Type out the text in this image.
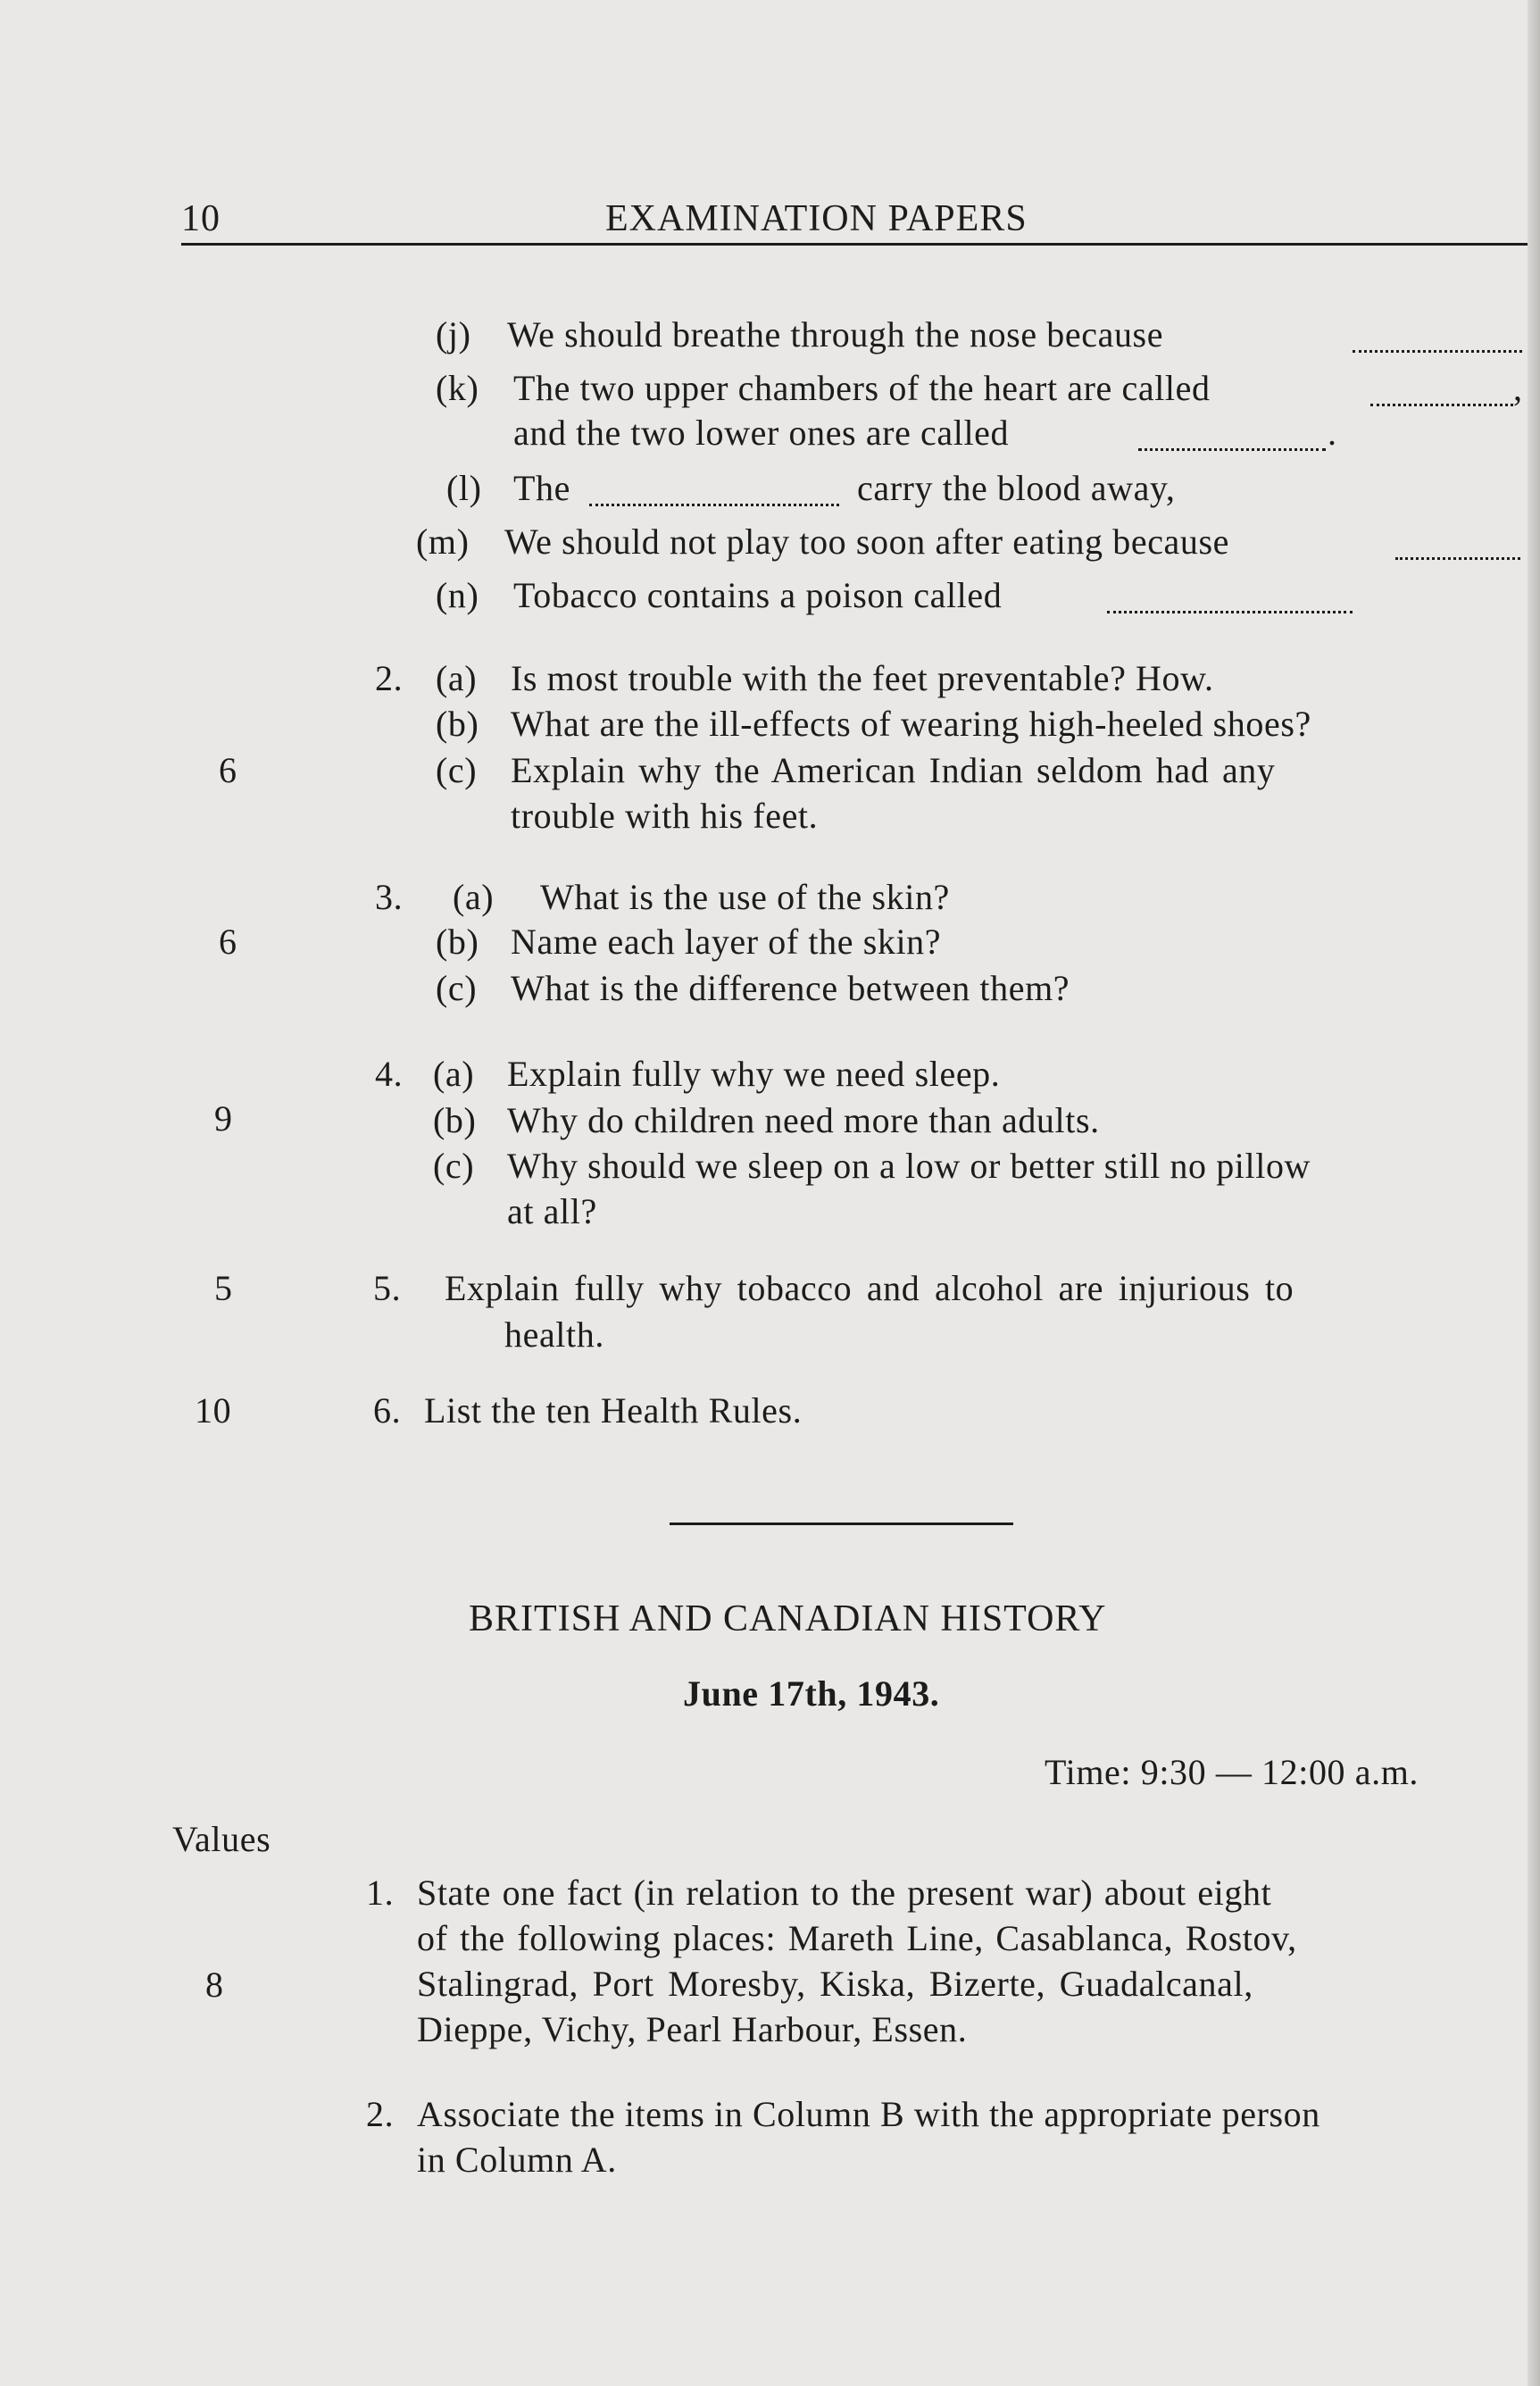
10	EXAMINATION PAPERS
(j) We should breathe through the nose because
(k) The two upper chambers of the heart are called	,
and the two lower ones are called	.
(l) The	carry the blood away,
(m) We should not play too soon after eating because
(n) Tobacco contains a poison called
6
2. (a) Is most trouble with the feet preventable? How.
(b) What are the ill-effects of wearing high-heeled shoes?
(c) Explain why the American Indian seldom had any
trouble with his feet.
6
3. (a) What is the use of the skin?
(b) Name each layer of the skin?
(c) What is the difference between them?
9
4. (a) Explain fully why we need sleep.
(b) Why do children need more than adults.
(c) Why should we sleep on a low or better still no pillow
at all?
5	5. Explain fully why tobacco and alcohol are injurious to
health.
10	6. List the ten Health Rules.
BRITISH AND CANADIAN HISTORY
June 17th, 1943.
Time: 9:30 — 12:00 a.m.
Values
8
1. State one fact (in relation to the present war) about eight
of the following places: Mareth Line, Casablanca, Rostov,
Stalingrad, Port Moresby, Kiska, Bizerte, Guadalcanal,
Dieppe, Vichy, Pearl Harbour, Essen.
2. Associate the items in Column B with the appropriate person
in Column A.
